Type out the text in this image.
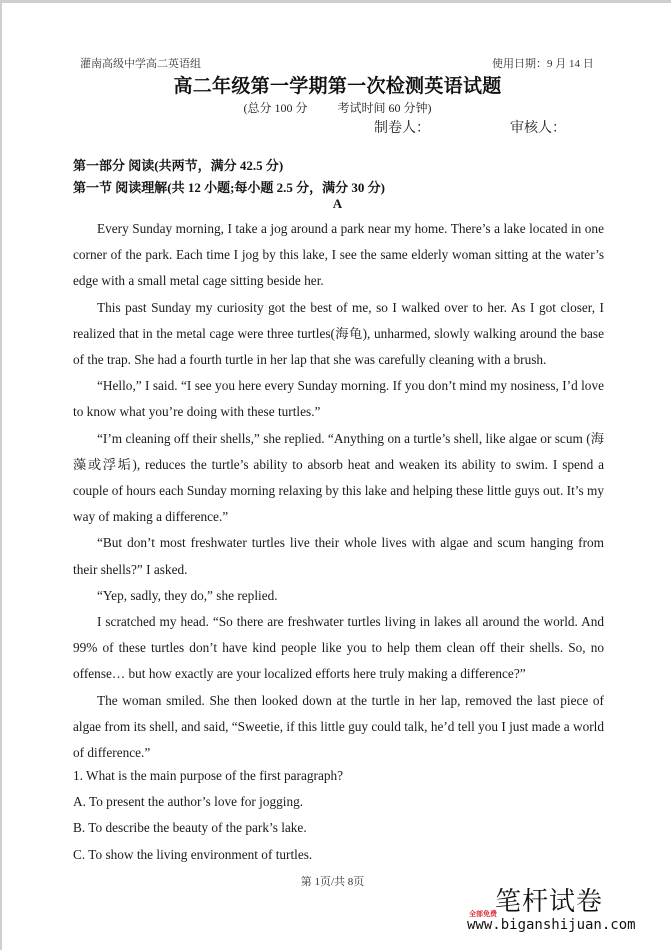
灌南高级中学高二英语组	使用日期：9 月 14 日
高二年级第一学期第一次检测英语试题
(总分 100 分	考试时间 60 分钟)
制卷人：	审核人：
第一部分 阅读(共两节，满分 42.5 分)
第一节 阅读理解(共 12 小题;每小题 2.5 分，满分 30 分)
A

Every Sunday morning, I take a jog around a park near my home. There’s a lake located in one corner of the park. Each time I jog by this lake, I see the same elderly woman sitting at the water’s edge with a small metal cage sitting beside her.

This past Sunday my curiosity got the best of me, so I walked over to her. As I got closer, I realized that in the metal cage were three turtles(海龟), unharmed, slowly walking around the base of the trap. She had a fourth turtle in her lap that she was carefully cleaning with a brush.

“Hello,” I said. “I see you here every Sunday morning. If you don’t mind my nosiness, I’d love to know what you’re doing with these turtles.”

“I’m cleaning off their shells,” she replied. “Anything on a turtle’s shell, like algae or scum (海藻或浮垢), reduces the turtle’s ability to absorb heat and weaken its ability to swim. I spend a couple of hours each Sunday morning relaxing by this lake and helping these little guys out. It’s my way of making a difference.”

“But don’t most freshwater turtles live their whole lives with algae and scum hanging from their shells?” I asked.

“Yep, sadly, they do,” she replied.

I scratched my head. “So there are freshwater turtles living in lakes all around the world. And 99% of these turtles don’t have kind people like you to help them clean off their shells. So, no offense… but how exactly are your localized efforts here truly making a difference?”

The woman smiled. She then looked down at the turtle in her lap, removed the last piece of algae from its shell, and said, “Sweetie, if this little guy could talk, he’d tell you I just made a world of difference.”

1. What is the main purpose of the first paragraph?
A. To present the author’s love for jogging.
B. To describe the beauty of the park’s lake.
C. To show the living environment of turtles.
第 1页/共 8页
笔杆试卷
全部免费
www.biganshijuan.com
